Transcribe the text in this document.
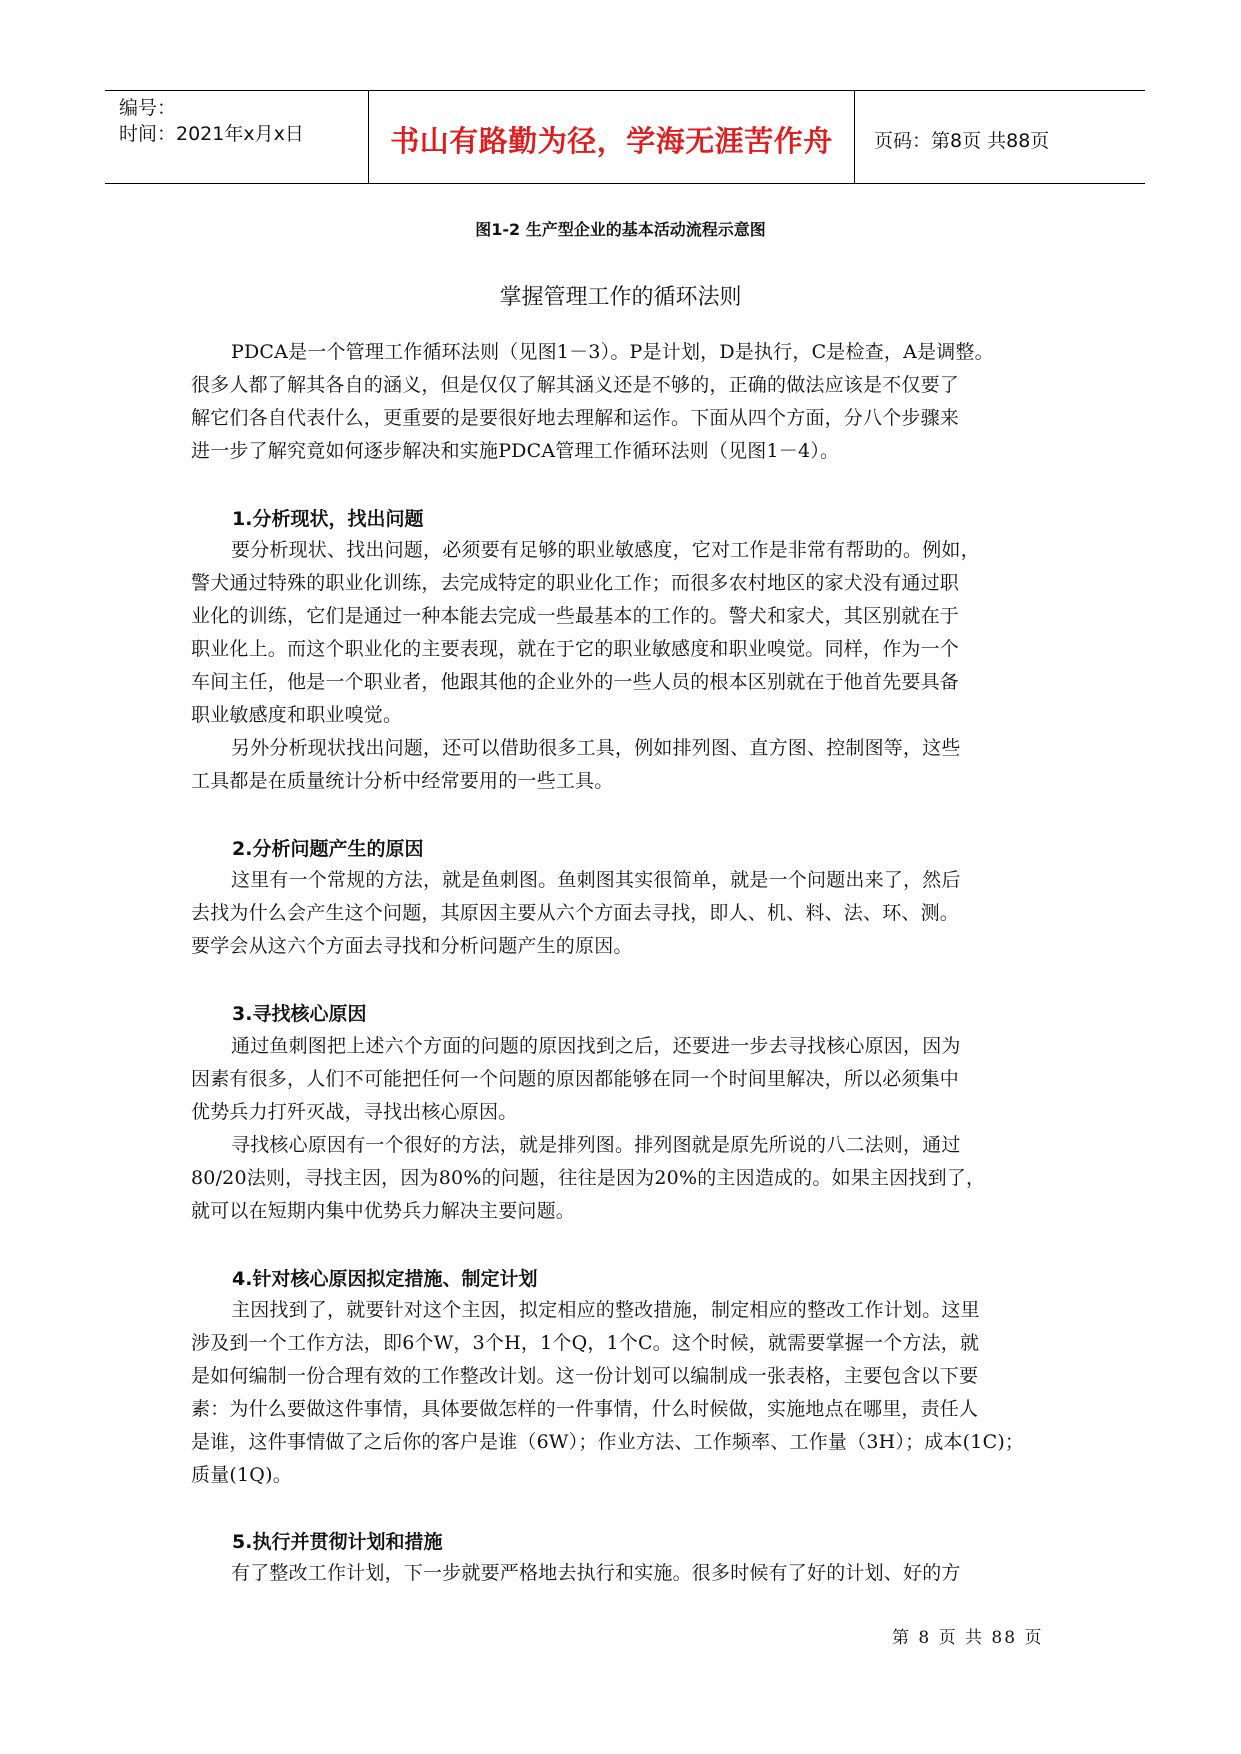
编号：
时间：2021年x月x日	书山有路勤为径，学海无涯苦作舟	页码：第8页 共88页
图1-2 生产型企业的基本活动流程示意图
掌握管理工作的循环法则
PDCA是一个管理工作循环法则（见图1－3）。P是计划，D是执行，C是检查，A是调整。
很多人都了解其各自的涵义，但是仅仅了解其涵义还是不够的，正确的做法应该是不仅要了
解它们各自代表什么，更重要的是要很好地去理解和运作。下面从四个方面，分八个步骤来
进一步了解究竟如何逐步解决和实施PDCA管理工作循环法则（见图1－4）。
1.分析现状，找出问题
要分析现状、找出问题，必须要有足够的职业敏感度，它对工作是非常有帮助的。例如，
警犬通过特殊的职业化训练，去完成特定的职业化工作；而很多农村地区的家犬没有通过职
业化的训练，它们是通过一种本能去完成一些最基本的工作的。警犬和家犬，其区别就在于
职业化上。而这个职业化的主要表现，就在于它的职业敏感度和职业嗅觉。同样，作为一个
车间主任，他是一个职业者，他跟其他的企业外的一些人员的根本区别就在于他首先要具备
职业敏感度和职业嗅觉。
另外分析现状找出问题，还可以借助很多工具，例如排列图、直方图、控制图等，这些
工具都是在质量统计分析中经常要用的一些工具。
2.分析问题产生的原因
这里有一个常规的方法，就是鱼刺图。鱼刺图其实很简单，就是一个问题出来了，然后
去找为什么会产生这个问题，其原因主要从六个方面去寻找，即人、机、料、法、环、测。
要学会从这六个方面去寻找和分析问题产生的原因。
3.寻找核心原因
通过鱼刺图把上述六个方面的问题的原因找到之后，还要进一步去寻找核心原因，因为
因素有很多，人们不可能把任何一个问题的原因都能够在同一个时间里解决，所以必须集中
优势兵力打歼灭战，寻找出核心原因。
寻找核心原因有一个很好的方法，就是排列图。排列图就是原先所说的八二法则，通过
80/20法则，寻找主因，因为80%的问题，往往是因为20%的主因造成的。如果主因找到了，
就可以在短期内集中优势兵力解决主要问题。
4.针对核心原因拟定措施、制定计划
主因找到了，就要针对这个主因，拟定相应的整改措施，制定相应的整改工作计划。这里
涉及到一个工作方法，即6个W，3个H，1个Q，1个C。这个时候，就需要掌握一个方法，就
是如何编制一份合理有效的工作整改计划。这一份计划可以编制成一张表格，主要包含以下要
素：为什么要做这件事情，具体要做怎样的一件事情，什么时候做，实施地点在哪里，责任人
是谁，这件事情做了之后你的客户是谁（6W）；作业方法、工作频率、工作量（3H）；成本(1C)；
质量(1Q)。
5.执行并贯彻计划和措施
有了整改工作计划，下一步就要严格地去执行和实施。很多时候有了好的计划、好的方
第 8 页 共 88 页
